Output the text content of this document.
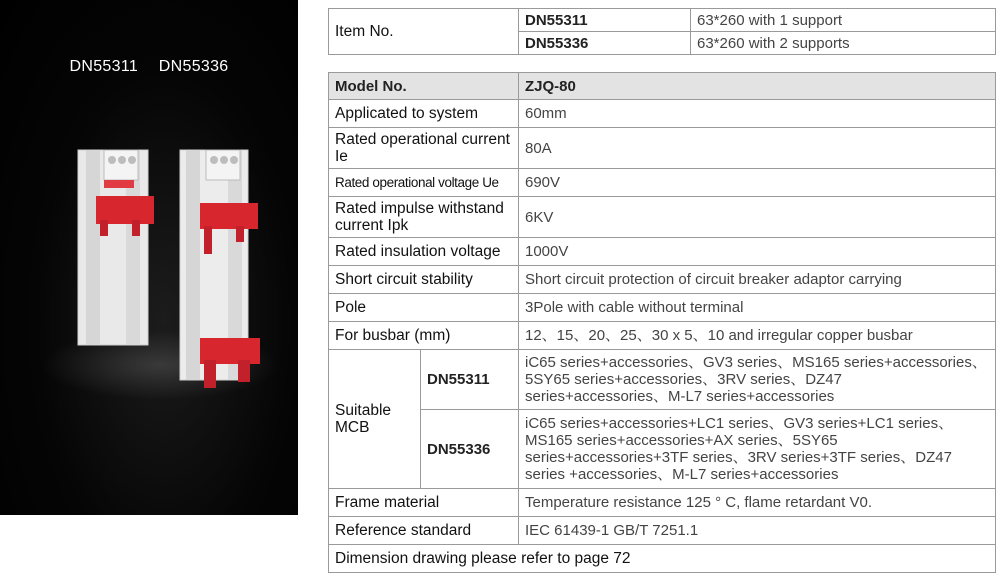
DN55311 DN55336
Item No.	DN55311	63*260 with 1 support
	DN55336	63*260 with 2 supports
Model No.		ZJQ-80
Applicated to system		60mm
Rated operational current Ie		80A
Rated operational voltage Ue		690V
Rated impulse withstand current Ipk		6KV
Rated insulation voltage		1000V
Short circuit stability		Short circuit protection of circuit breaker adaptor carrying
Pole		3Pole with cable without terminal
For busbar (mm)		12、15、20、25、30 x 5、10 and irregular copper busbar
Suitable MCB	DN55311	iC65 series+accessories、GV3 series、MS165 series+accessories、5SY65 series+accessories、3RV series、DZ47 series+accessories、M-L7 series+accessories
	DN55336	iC65 series+accessories+LC1 series、GV3 series+LC1 series、MS165 series+accessories+AX series、5SY65 series+accessories+3TF series、3RV series+3TF series、DZ47 series +accessories、M-L7 series+accessories
Frame material		Temperature resistance 125 ° C, flame retardant V0.
Reference standard		IEC 61439-1 GB/T 7251.1
Dimension drawing please refer to page 72		
